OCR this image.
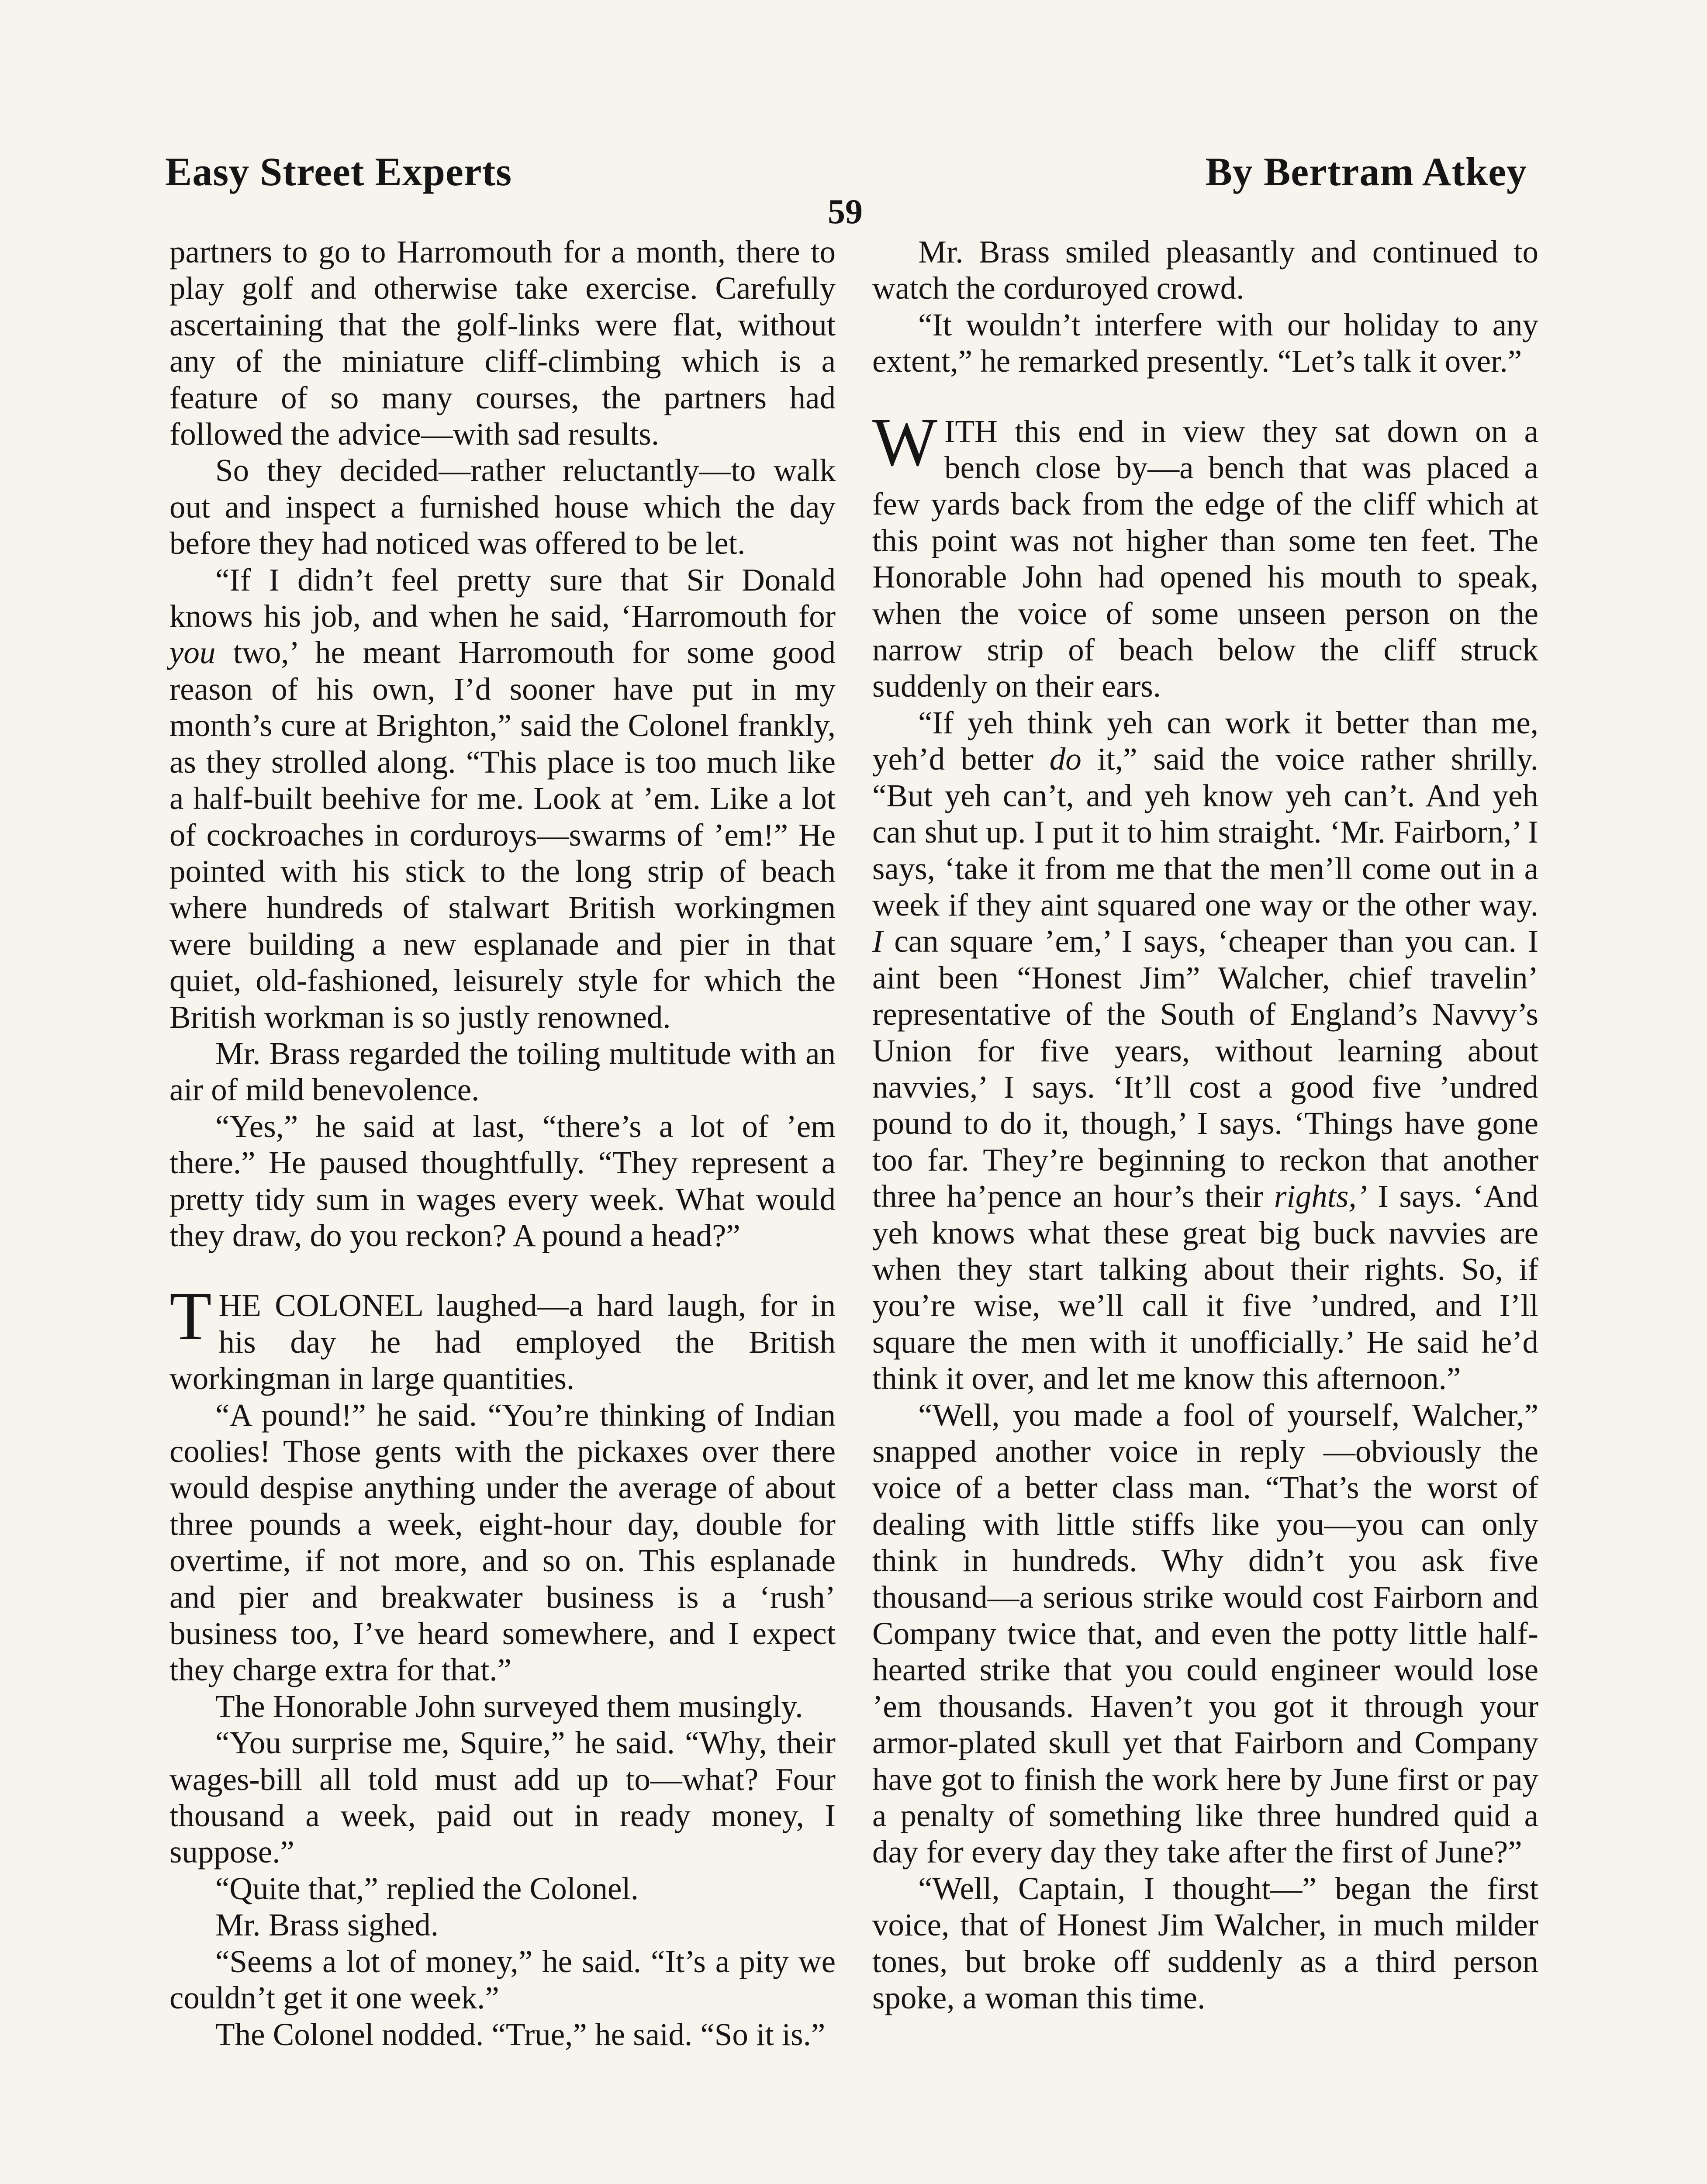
Easy Street Experts	By Bertram Atkey
59

partners to go to Harromouth for a month, there to play golf and otherwise take exercise. Carefully ascertaining that the golf-links were flat, without any of the miniature cliff-climbing which is a feature of so many courses, the partners had followed the advice—with sad results.

So they decided—rather reluctantly—to walk out and inspect a furnished house which the day before they had noticed was offered to be let.

“If I didn’t feel pretty sure that Sir Donald knows his job, and when he said, ‘Harromouth for you two,’ he meant Harromouth for some good reason of his own, I’d sooner have put in my month’s cure at Brighton,” said the Colonel frankly, as they strolled along. “This place is too much like a half-built beehive for me. Look at ’em. Like a lot of cockroaches in corduroys—swarms of ’em!” He pointed with his stick to the long strip of beach where hundreds of stalwart British workingmen were building a new esplanade and pier in that quiet, old-fashioned, leisurely style for which the British workman is so justly renowned.

Mr. Brass regarded the toiling multitude with an air of mild benevolence.

“Yes,” he said at last, “there’s a lot of ’em there.” He paused thoughtfully. “They represent a pretty tidy sum in wages every week. What would they draw, do you reckon? A pound a head?”

THE COLONEL laughed—a hard laugh, for in his day he had employed the British workingman in large quantities.

“A pound!” he said. “You’re thinking of Indian coolies! Those gents with the pickaxes over there would despise anything under the average of about three pounds a week, eight-hour day, double for overtime, if not more, and so on. This esplanade and pier and breakwater business is a ‘rush’ business too, I’ve heard somewhere, and I expect they charge extra for that.”

The Honorable John surveyed them musingly.

“You surprise me, Squire,” he said. “Why, their wages-bill all told must add up to—what? Four thousand a week, paid out in ready money, I suppose.”

“Quite that,” replied the Colonel.

Mr. Brass sighed.

“Seems a lot of money,” he said. “It’s a pity we couldn’t get it one week.”

The Colonel nodded. “True,” he said. “So it is.”

Mr. Brass smiled pleasantly and continued to watch the corduroyed crowd.

“It wouldn’t interfere with our holiday to any extent,” he remarked presently. “Let’s talk it over.”

WITH this end in view they sat down on a bench close by—a bench that was placed a few yards back from the edge of the cliff which at this point was not higher than some ten feet. The Honorable John had opened his mouth to speak, when the voice of some unseen person on the narrow strip of beach below the cliff struck suddenly on their ears.

“If yeh think yeh can work it better than me, yeh’d better do it,” said the voice rather shrilly. “But yeh can’t, and yeh know yeh can’t. And yeh can shut up. I put it to him straight. ‘Mr. Fairborn,’ I says, ‘take it from me that the men’ll come out in a week if they aint squared one way or the other way. I can square ’em,’ I says, ‘cheaper than you can. I aint been “Honest Jim” Walcher, chief travelin’ representative of the South of England’s Navvy’s Union for five years, without learning about navvies,’ I says. ‘It’ll cost a good five ’undred pound to do it, though,’ I says. ‘Things have gone too far. They’re beginning to reckon that another three ha’pence an hour’s their rights,’ I says. ‘And yeh knows what these great big buck navvies are when they start talking about their rights. So, if you’re wise, we’ll call it five ’undred, and I’ll square the men with it unofficially.’ He said he’d think it over, and let me know this afternoon.”

“Well, you made a fool of yourself, Walcher,” snapped another voice in reply —obviously the voice of a better class man. “That’s the worst of dealing with little stiffs like you—you can only think in hundreds. Why didn’t you ask five thousand—a serious strike would cost Fairborn and Company twice that, and even the potty little half-hearted strike that you could engineer would lose ’em thousands. Haven’t you got it through your armor-plated skull yet that Fairborn and Company have got to finish the work here by June first or pay a penalty of something like three hundred quid a day for every day they take after the first of June?”

“Well, Captain, I thought—” began the first voice, that of Honest Jim Walcher, in much milder tones, but broke off suddenly as a third person spoke, a woman this time.
